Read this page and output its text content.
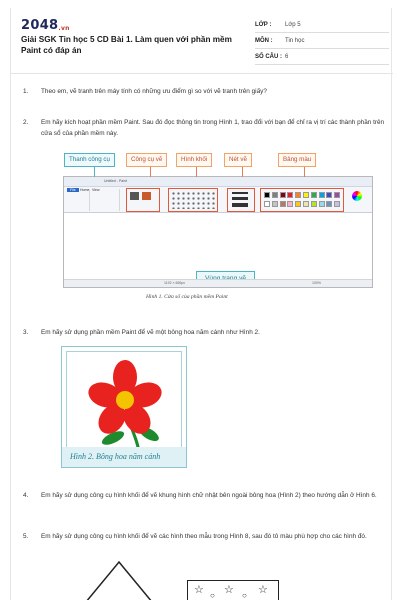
$2048_{.vn}$
Giải SGK Tin học 5 CD Bài 1. Làm quen với phần mềm Paint có đáp án
LỚP :	Lớp 5
MÔN :	Tin học
SỐ CÂU : 6
1.	Theo em, vẽ tranh trên máy tính có những ưu điểm gì so với vẽ tranh trên giấy?
2.	Em hãy kích hoạt phần mềm Paint. Sau đó đọc thông tin trong Hình 1, trao đổi với bạn để chỉ ra vị trí các thành phần trên cửa sổ của phần mềm này.
Thanh công cụ	Công cụ vẽ	Hình khối	Nét vẽ	Bảng màu
Untitled - Paint
File	Home View
1192 × 669px	100%
Hình 1. Cửa sổ của phần mềm Paint
3.	Em hãy sử dụng phần mềm Paint để vẽ một bông hoa năm cánh như Hình 2.
Hình 2. Bông hoa năm cánh
4.	Em hãy sử dụng công cụ hình khối để vẽ khung hình chữ nhật bên ngoài bông hoa (Hình 2) theo hướng dẫn ở Hình 6.
5.	Em hãy sử dụng công cụ hình khối để vẽ các hình theo mẫu trong Hình 8, sau đó tô màu phù hợp cho các hình đó.
☆ ○ ☆ ○ ☆
